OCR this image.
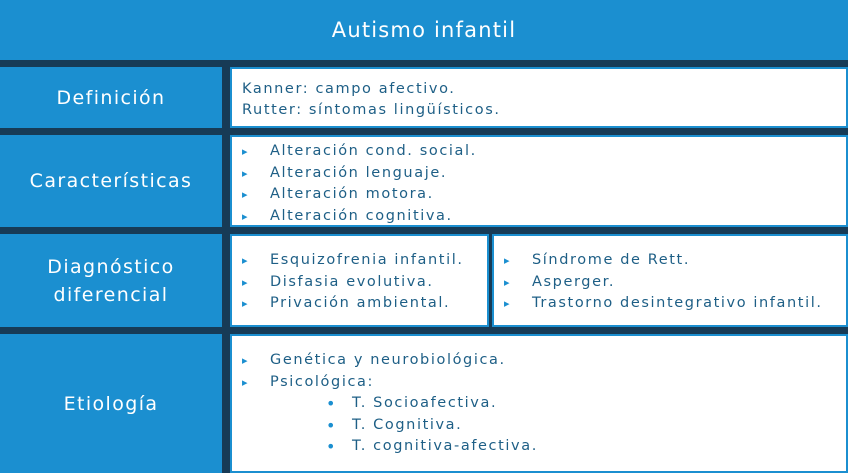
Autismo infantil
Definición	Kanner: campo afectivo.
Rutter: síntomas lingüísticos.
Características
▸ Alteración cond. social.
▸ Alteración lenguaje.
▸ Alteración motora.
▸ Alteración cognitiva.
Diagnóstico
diferencial
▸ Esquizofrenia infantil.
▸ Disfasia evolutiva.
▸ Privación ambiental.
▸ Síndrome de Rett.
▸ Asperger.
▸ Trastorno desintegrativo infantil.
Etiología
▸ Genética y neurobiológica.
▸ Psicológica:
• T. Socioafectiva.
• T. Cognitiva.
• T. cognitiva-afectiva.
